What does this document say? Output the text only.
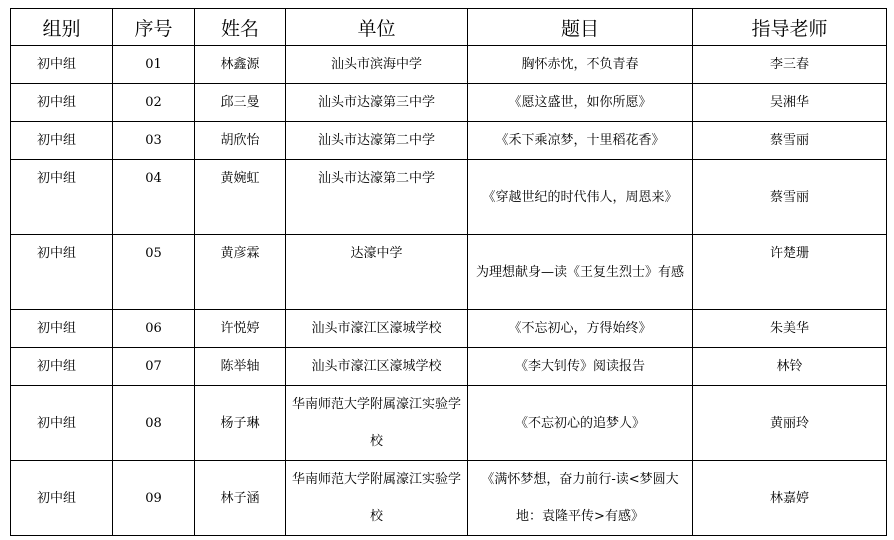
组别	序号	姓名	单位	题目	指导老师
初中组	01	林鑫源	汕头市滨海中学	胸怀赤忱，不负青春	李三春
初中组	02	邱三曼	汕头市达濠第三中学	《愿这盛世，如你所愿》	吴湘华
初中组	03	胡欣怡	汕头市达濠第二中学	《禾下乘凉梦，十里稻花香》	蔡雪丽
初中组	04	黄婉虹	汕头市达濠第二中学	《穿越世纪的时代伟人，周恩来》	蔡雪丽
初中组	05	黄彦霖	达濠中学	为理想献身—读《王复生烈士》有感	许楚珊
初中组	06	许悦婷	汕头市濠江区濠城学校	《不忘初心，方得始终》	朱美华
初中组	07	陈举轴	汕头市濠江区濠城学校	《李大钊传》阅读报告	林铃
初中组	08	杨子琳	华南师范大学附属濠江实验学校	《不忘初心的追梦人》	黄丽玲
初中组	09	林子涵	华南师范大学附属濠江实验学校	《满怀梦想，奋力前行-读<梦圆大地：袁隆平传>有感》	林嘉婷
